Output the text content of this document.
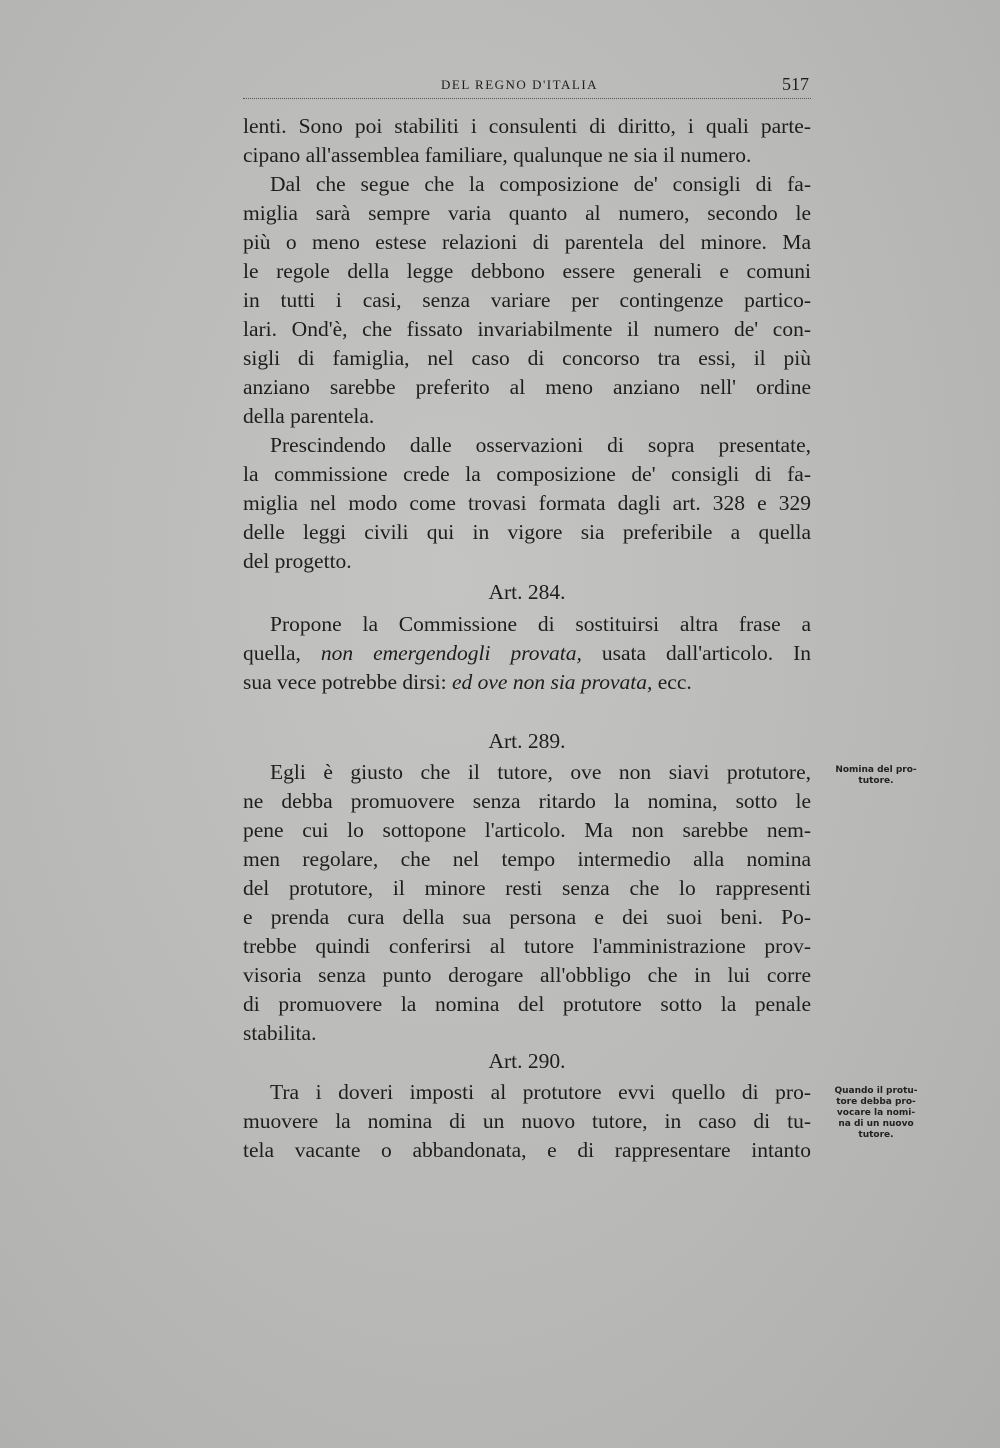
DEL REGNO D'ITALIA	517
lenti. Sono poi stabiliti i consulenti di diritto, i quali parte-
cipano all'assemblea familiare, qualunque ne sia il numero.
Dal che segue che la composizione de' consigli di fa-
miglia sarà sempre varia quanto al numero, secondo le
più o meno estese relazioni di parentela del minore. Ma
le regole della legge debbono essere generali e comuni
in tutti i casi, senza variare per contingenze partico-
lari. Ond'è, che fissato invariabilmente il numero de' con-
sigli di famiglia, nel caso di concorso tra essi, il più
anziano sarebbe preferito al meno anziano nell' ordine
della parentela.
Prescindendo dalle osservazioni di sopra presentate,
la commissione crede la composizione de' consigli di fa-
miglia nel modo come trovasi formata dagli art. 328 e 329
delle leggi civili qui in vigore sia preferibile a quella
del progetto.
Art. 284.
Propone la Commissione di sostituirsi altra frase a
quella, non emergendogli provata, usata dall'articolo. In
sua vece potrebbe dirsi: ed ove non sia provata, ecc.
Art. 289.
Egli è giusto che il tutore, ove non siavi protutore,
ne debba promuovere senza ritardo la nomina, sotto le
pene cui lo sottopone l'articolo. Ma non sarebbe nem-
men regolare, che nel tempo intermedio alla nomina
del protutore, il minore resti senza che lo rappresenti
e prenda cura della sua persona e dei suoi beni. Po-
trebbe quindi conferirsi al tutore l'amministrazione prov-
visoria senza punto derogare all'obbligo che in lui corre
di promuovere la nomina del protutore sotto la penale
stabilita.
Nomina del pro-
tutore.
Art. 290.
Tra i doveri imposti al protutore evvi quello di pro-
muovere la nomina di un nuovo tutore, in caso di tu-
tela vacante o abbandonata, e di rappresentare intanto
Quando il protu-
tore debba pro-
vocare la nomi-
na di un nuovo
tutore.
